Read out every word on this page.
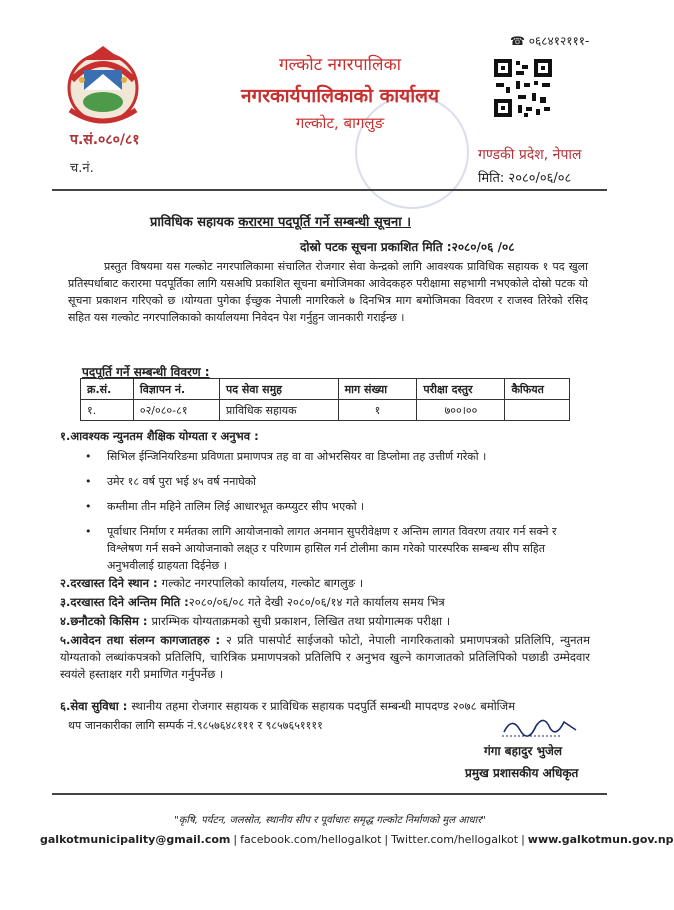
प.सं.०८०/८१
च.नं.
गल्कोट नगरपालिका
नगरकार्यपालिकाको कार्यालय
गल्कोट, बागलुङ
☎ ०६८४१२१११-
गण्डकी प्रदेश, नेपाल
मिति: २०८०/०६/०८
प्राविधिक सहायक करारमा पदपूर्ति गर्ने सम्बन्धी सूचना ।
दोस्रो पटक सूचना प्रकाशित मिति :२०८०/०६ /०८
प्रस्तुत विषयमा यस गल्कोट नगरपालिकामा संचालित रोजगार सेवा केन्द्रको लागि आवश्यक प्राविधिक सहायक १ पद खुला प्रतिस्पर्धाबाट करारमा पदपूर्तिका लागि यसअघि प्रकाशित सूचना बमोजिमका आवेदकहरु परीक्षामा सहभागी नभएकोले दोस्रो पटक यो सूचना प्रकाशन गरिएको छ ।योग्यता पुगेका ईच्छुक नेपाली नागरिकले ७ दिनभित्र माग बमोजिमका विवरण र राजस्व तिरेको रसिद सहित यस गल्कोट नगरपालिकाको कार्यालयमा निवेदन पेश गर्नुहुन जानकारी गराईन्छ ।
पदपूर्ति गर्ने सम्बन्धी विवरण :
क्र.सं.	विज्ञापन नं.	पद सेवा समुह	माग संख्या	परीक्षा दस्तुर	कैफियत
१.	०२/०८०-८१	प्राविधिक सहायक	१	७००।००	
१.आवश्यक न्युनतम शैक्षिक योग्यता र अनुभव :
• सिभिल ईन्जिनियरिङमा प्रविणता प्रमाणपत्र तह वा वा ओभरसियर वा डिप्लोमा तह उत्तीर्ण गरेको ।
• उमेर १८ वर्ष पुरा भई ४५ वर्ष ननाघेको
• कम्तीमा तीन महिने तालिम लिई आधारभूत कम्प्युटर सीप भएको ।
• पूर्वाधार निर्माण र मर्मतका लागि आयोजनाको लागत अनमान सुपरीवेक्षण र अन्तिम लागत विवरण तयार गर्न सक्ने र विश्लेषण गर्न सक्ने आयोजनाको लक्ष्उ र परिणाम हासिल गर्न टोलीमा काम गरेको पारस्परिक सम्बन्ध सीप सहित अनुभवीलाई ग्राहयता दिईनेछ ।
२.दरखास्त दिने स्थान : गल्कोट नगरपालिको कार्यालय, गल्कोट बागलुङ ।
३.दरखास्त दिने अन्तिम मिति :२०८०/०६/०८ गते देखी २०८०/०६/१४ गते कार्यालय समय भित्र
४.छनौटको किसिम : प्रारम्भिक योग्यताक्रमको सुची प्रकाशन, लिखित तथा प्रयोगात्मक परीक्षा ।
५.आवेदन तथा संलग्न कागजातहरु : २ प्रति पासपोर्ट साईजको फोटो, नेपाली नागरिकताको प्रमाणपत्रको प्रतिलिपि, न्युनतम योग्यताको लब्धांकपत्रको प्रतिलिपि, चारित्रिक प्रमाणपत्रको प्रतिलिपि र अनुभव खुल्ने कागजातको प्रतिलिपिको पछाडी उम्मेदवार स्वयंले हस्ताक्षर गरी प्रमाणित गर्नुपर्नेछ ।
६.सेवा सुविधा : स्थानीय तहमा रोजगार सहायक र प्राविधिक सहायक पदपुर्ति सम्बन्धी मापदण्ड २०७८ बमोजिम
थप जानकारीका लागि सम्पर्क नं.९८५७६४८१११ र ९८५७६५११११
गंगा बहादुर भुजेल
प्रमुख प्रशासकीय अधिकृत
"कृषि, पर्यटन, जलस्रोत, स्थानीय सीप र पूर्वाधारः समृद्ध गल्कोट निर्माणको मुल आधार"
galkotmunicipality@gmail.com | facebook.com/hellogalkot | Twitter.com/hellogalkot | www.galkotmun.gov.np
